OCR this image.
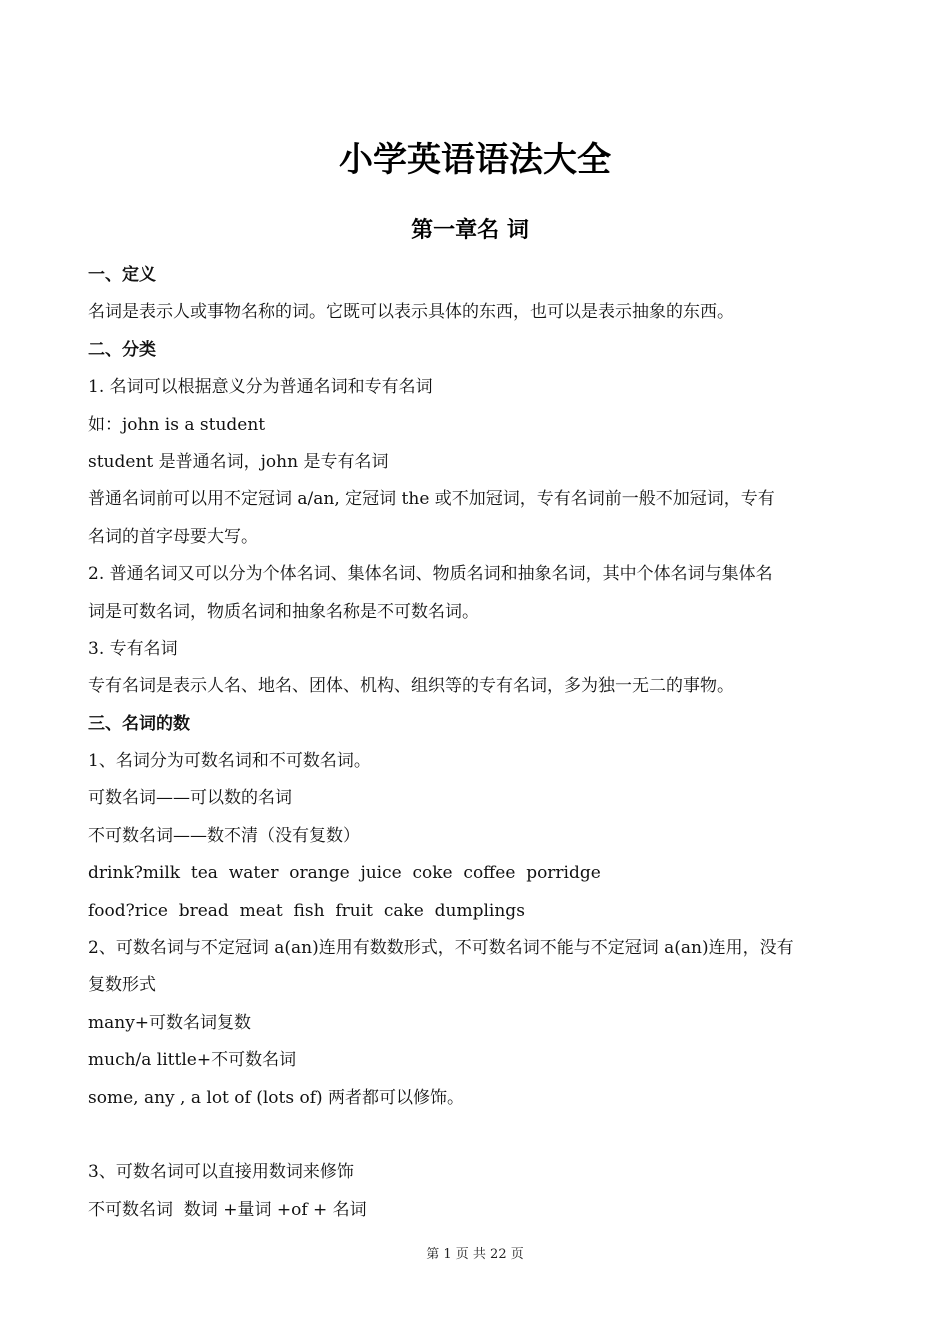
小学英语语法大全
第一章名 词
一、定义
名词是表示人或事物名称的词。它既可以表示具体的东西，也可以是表示抽象的东西。
二、分类
1. 名词可以根据意义分为普通名词和专有名词
如：john is a student
student 是普通名词，john 是专有名词
普通名词前可以用不定冠词 a/an, 定冠词 the 或不加冠词，专有名词前一般不加冠词，专有
名词的首字母要大写。
2. 普通名词又可以分为个体名词、集体名词、物质名词和抽象名词，其中个体名词与集体名
词是可数名词，物质名词和抽象名称是不可数名词。
3. 专有名词
专有名词是表示人名、地名、团体、机构、组织等的专有名词，多为独一无二的事物。
三、名词的数
1、名词分为可数名词和不可数名词。
可数名词——可以数的名词
不可数名词——数不清（没有复数）
drink?milk  tea  water  orange  juice  coke  coffee  porridge
food?rice  bread  meat  fish  fruit  cake  dumplings
2、可数名词与不定冠词 a(an)连用有数数形式，不可数名词不能与不定冠词 a(an)连用，没有
复数形式
many+可数名词复数
much/a little+不可数名词
some, any , a lot of (lots of) 两者都可以修饰。
3、可数名词可以直接用数词来修饰
不可数名词  数词 +量词 +of + 名词
第 1 页 共 22 页
